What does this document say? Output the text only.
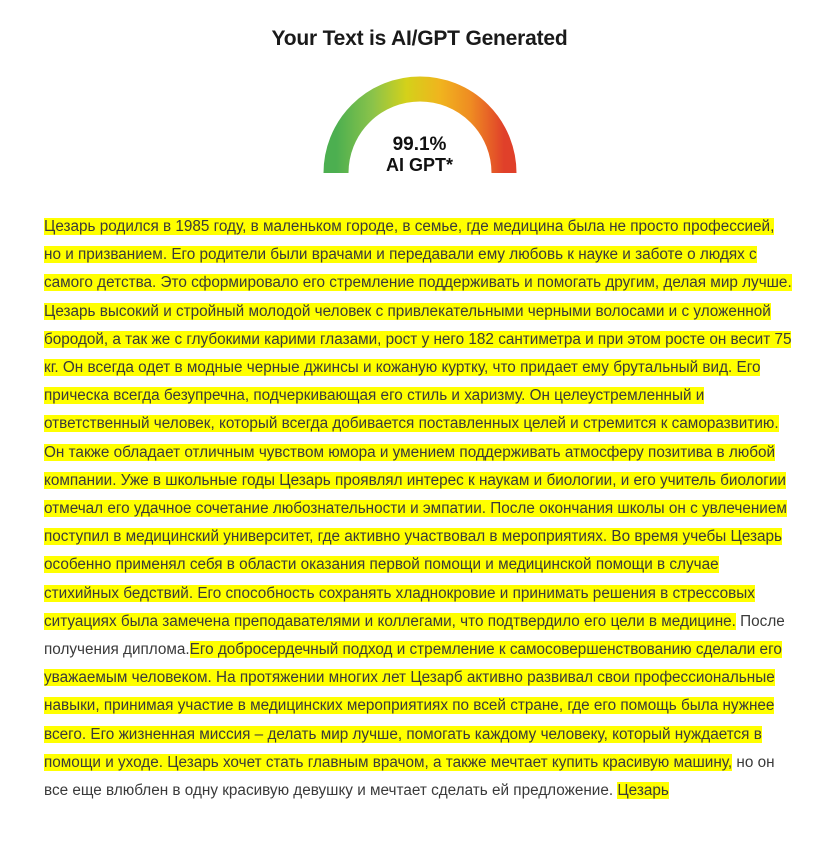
Your Text is AI/GPT Generated
99.1%
AI GPT*
Цезарь родился в 1985 году, в маленьком городе, в семье, где медицина была не просто профессией, но и призванием. Его родители были врачами и передавали ему любовь к науке и заботе о людях с самого детства. Это сформировало его стремление поддерживать и помогать другим, делая мир лучше. Цезарь высокий и стройный молодой человек с привлекательными черными волосами и с уложенной бородой, а так же с глубокими карими глазами, рост у него 182 сантиметра и при этом росте он весит 75 кг. Он всегда одет в модные черные джинсы и кожаную куртку, что придает ему брутальный вид. Его прическа всегда безупречна, подчеркивающая его стиль и харизму. Он целеустремленный и ответственный человек, который всегда добивается поставленных целей и стремится к саморазвитию. Он также обладает отличным чувством юмора и умением поддерживать атмосферу позитива в любой компании. Уже в школьные годы Цезарь проявлял интерес к наукам и биологии, и его учитель биологии отмечал его удачное сочетание любознательности и эмпатии. После окончания школы он с увлечением поступил в медицинский университет, где активно участвовал в мероприятиях. Во время учебы Цезарь особенно применял себя в области оказания первой помощи и медицинской помощи в случае стихийных бедствий. Его способность сохранять хладнокровие и принимать решения в стрессовых ситуациях была замечена преподавателями и коллегами, что подтвердило его цели в медицине. После получения диплома.Его добросердечный подход и стремление к самосовершенствованию сделали его уважаемым человеком. На протяжении многих лет Цезарб активно развивал свои профессиональные навыки, принимая участие в медицинских мероприятиях по всей стране, где его помощь была нужнее всего. Его жизненная миссия – делать мир лучше, помогать каждому человеку, который нуждается в помощи и уходе. Цезарь хочет стать главным врачом, а также мечтает купить красивую машину, но он все еще влюблен в одну красивую девушку и мечтает сделать ей предложение. Цезарь
